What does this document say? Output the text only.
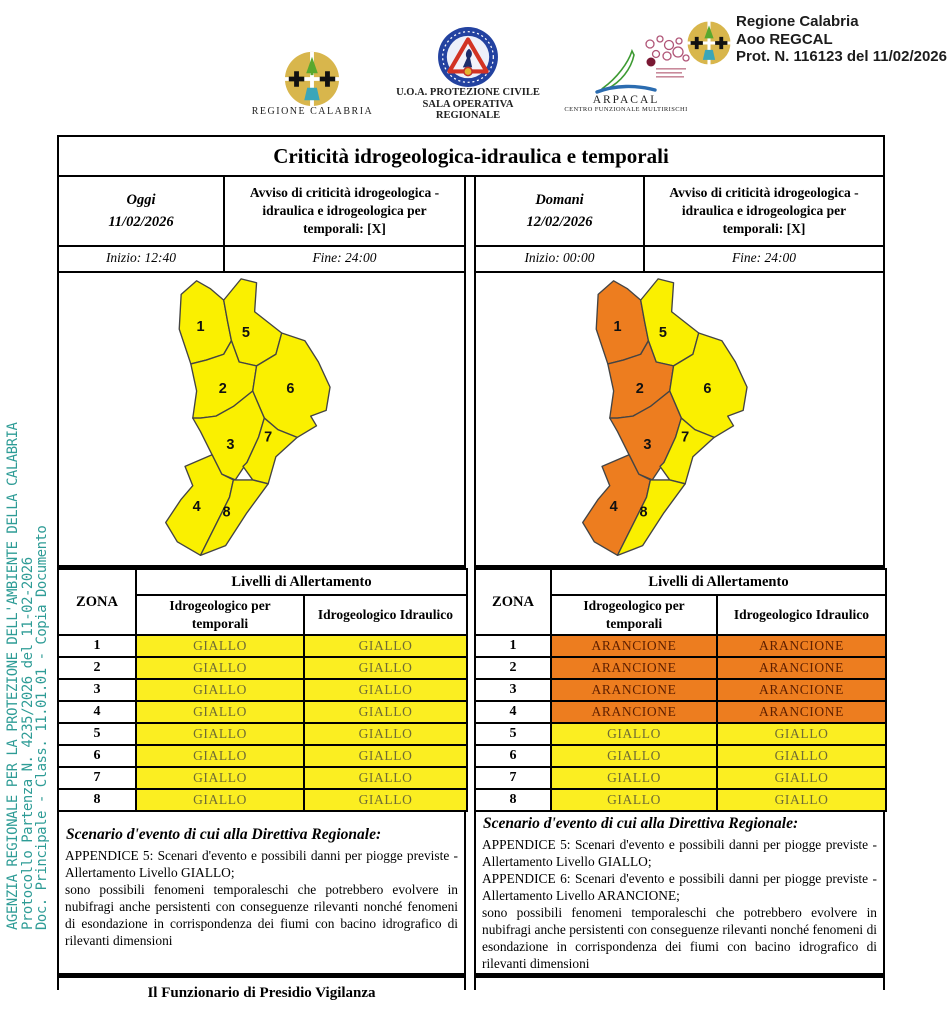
AGENZIA REGIONALE PER LA PROTEZIONE DELL'AMBIENTE DELLA CALABRIA
Protocollo Partenza N. 4235/2026 del 11-02-2026
Doc. Principale - Class. 11.01.01 - Copia Documento
REGIONE CALABRIA
U.O.A. PROTEZIONE CIVILE
SALA OPERATIVA REGIONALE
ARPACAL
CENTRO FUNZIONALE MULTIRISCHI
Regione Calabria
Aoo REGCAL
Prot. N. 116123 del 11/02/2026
Criticità idrogeologica-idraulica e temporali
Oggi
11/02/2026
Avviso di criticità idrogeologica - idraulica e idrogeologica per temporali: [X]
Inizio: 12:40	Fine: 24:00
1 5
2	6
3 7
4 8
ZONA	Livelli di Allertamento	
	Idrogeologico per temporali	Idrogeologico Idraulico
1	GIALLO	GIALLO
2	GIALLO	GIALLO
3	GIALLO	GIALLO
4	GIALLO	GIALLO
5	GIALLO	GIALLO
6	GIALLO	GIALLO
7	GIALLO	GIALLO
8	GIALLO	GIALLO
Scenario d'evento di cui alla Direttiva Regionale:
APPENDICE 5: Scenari d'evento e possibili danni per piogge previste - Allertamento Livello GIALLO;
sono possibili fenomeni temporaleschi che potrebbero evolvere in nubifragi anche persistenti con conseguenze rilevanti nonché fenomeni di esondazione in corrispondenza dei fiumi con bacino idrografico di rilevanti dimensioni
Il Funzionario di Presidio Vigilanza
Domani
12/02/2026
Avviso di criticità idrogeologica - idraulica e idrogeologica per temporali: [X]
Inizio: 00:00	Fine: 24:00
1 5
2	6
3 7
4 8
ZONA	Livelli di Allertamento	
	Idrogeologico per temporali	Idrogeologico Idraulico
1	ARANCIONE	ARANCIONE
2	ARANCIONE	ARANCIONE
3	ARANCIONE	ARANCIONE
4	ARANCIONE	ARANCIONE
5	GIALLO	GIALLO
6	GIALLO	GIALLO
7	GIALLO	GIALLO
8	GIALLO	GIALLO
Scenario d'evento di cui alla Direttiva Regionale:
APPENDICE 5: Scenari d'evento e possibili danni per piogge previste - Allertamento Livello GIALLO;
APPENDICE 6: Scenari d'evento e possibili danni per piogge previste - Allertamento Livello ARANCIONE;
sono possibili fenomeni temporaleschi che potrebbero evolvere in nubifragi anche persistenti con conseguenze rilevanti nonché fenomeni di esondazione in corrispondenza dei fiumi con bacino idrografico di rilevanti dimensioni
